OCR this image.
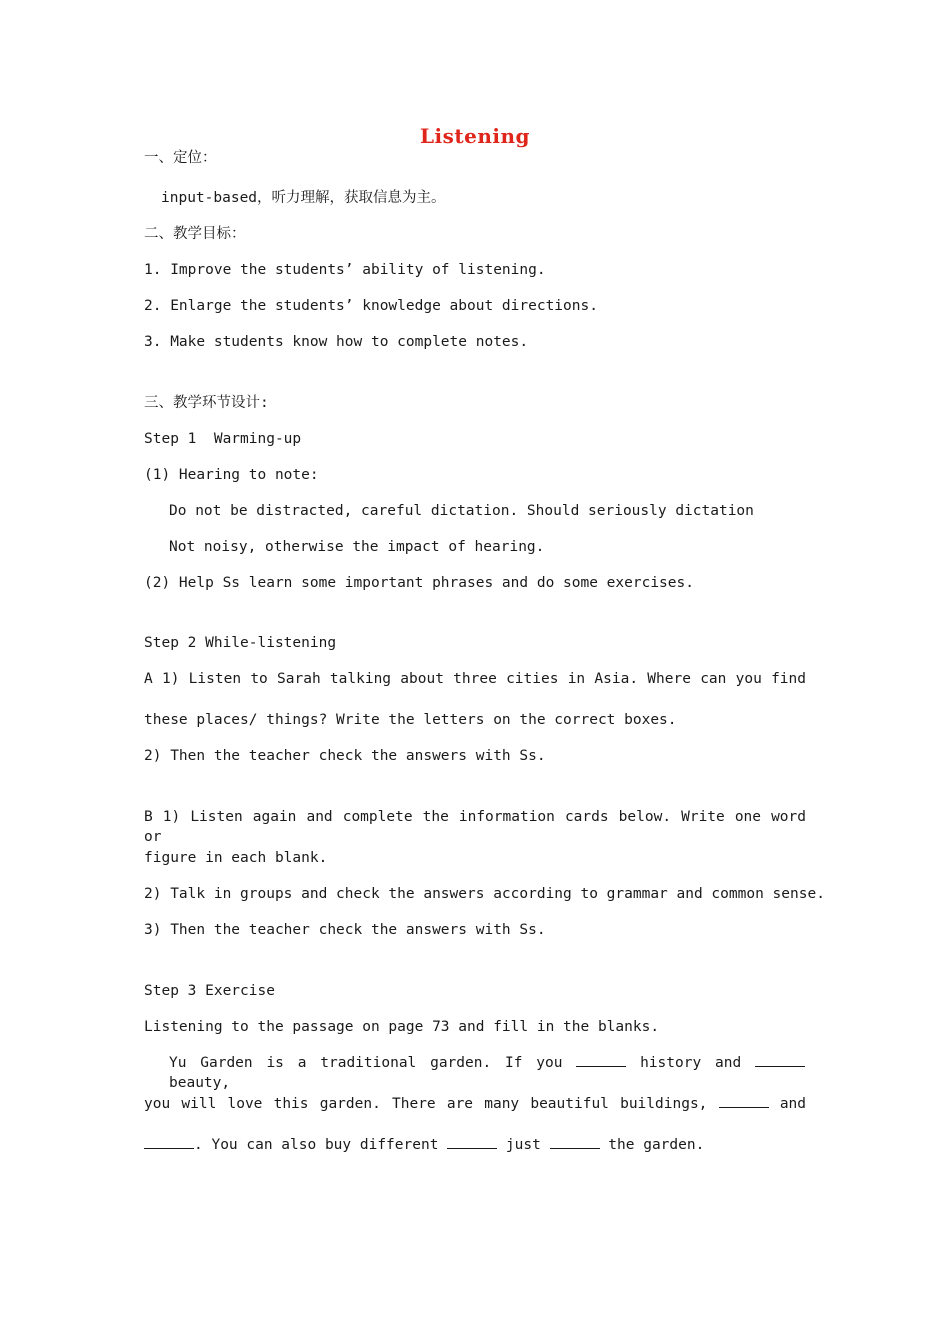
Listening
一、定位：
input-based，听力理解，获取信息为主。
二、教学目标：
1. Improve the students’ ability of listening.
2. Enlarge the students’ knowledge about directions.
3. Make students know how to complete notes.
三、教学环节设计:
Step 1  Warming-up
(1) Hearing to note:
Do not be distracted, careful dictation. Should seriously dictation
Not noisy, otherwise the impact of hearing.
(2) Help Ss learn some important phrases and do some exercises.
Step 2 While-listening
A 1) Listen to Sarah talking about three cities in Asia. Where can you find
these places/ things? Write the letters on the correct boxes.
2) Then the teacher check the answers with Ss.
B 1) Listen again and complete the information cards below. Write one word or
figure in each blank.
2) Talk in groups and check the answers according to grammar and common sense.
3) Then the teacher check the answers with Ss.
Step 3 Exercise
Listening to the passage on page 73 and fill in the blanks.
Yu Garden is a traditional garden. If you	history and  beauty,
you will love this garden. There are many beautiful buildings,	and
. You can also buy different	just	the garden.
